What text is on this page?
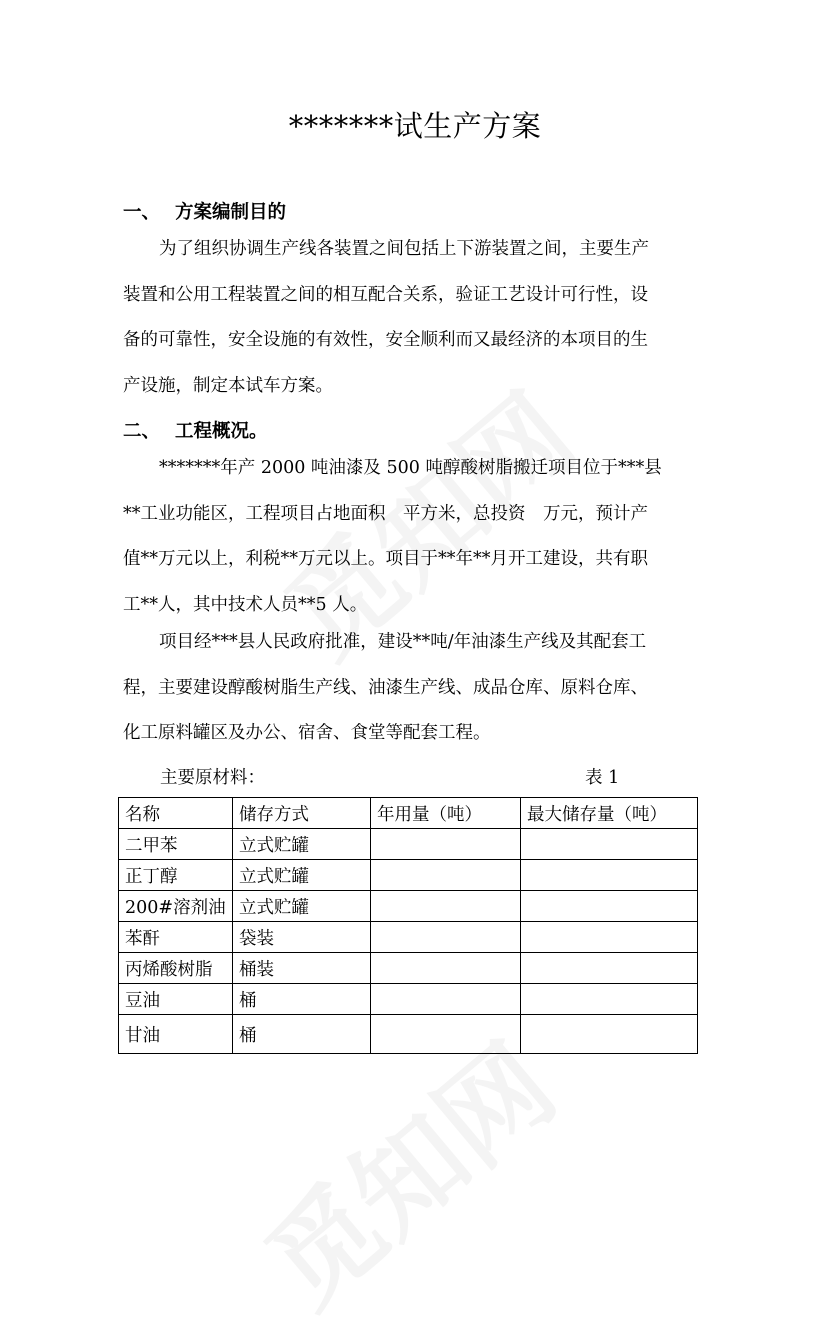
*******试生产方案
一、 方案编制目的
为了组织协调生产线各装置之间包括上下游装置之间，主要生产
装置和公用工程装置之间的相互配合关系，验证工艺设计可行性，设
备的可靠性，安全设施的有效性，安全顺利而又最经济的本项目的生
产设施，制定本试车方案。
二、 工程概况。
*******年产 2000 吨油漆及 500 吨醇酸树脂搬迁项目位于***县
**工业功能区，工程项目占地面积　平方米，总投资　万元，预计产
值**万元以上，利税**万元以上。项目于**年**月开工建设，共有职
工**人，其中技术人员**5 人。
项目经***县人民政府批准，建设**吨/年油漆生产线及其配套工
程，主要建设醇酸树脂生产线、油漆生产线、成品仓库、原料仓库、
化工原料罐区及办公、宿舍、食堂等配套工程。
主要原材料：	表 1
名称	储存方式	年用量（吨）	最大储存量（吨）
二甲苯	立式贮罐		
正丁醇	立式贮罐		
200#溶剂油	立式贮罐		
苯酐	袋装		
丙烯酸树脂	桶装		
豆油	桶		
甘油	桶		
